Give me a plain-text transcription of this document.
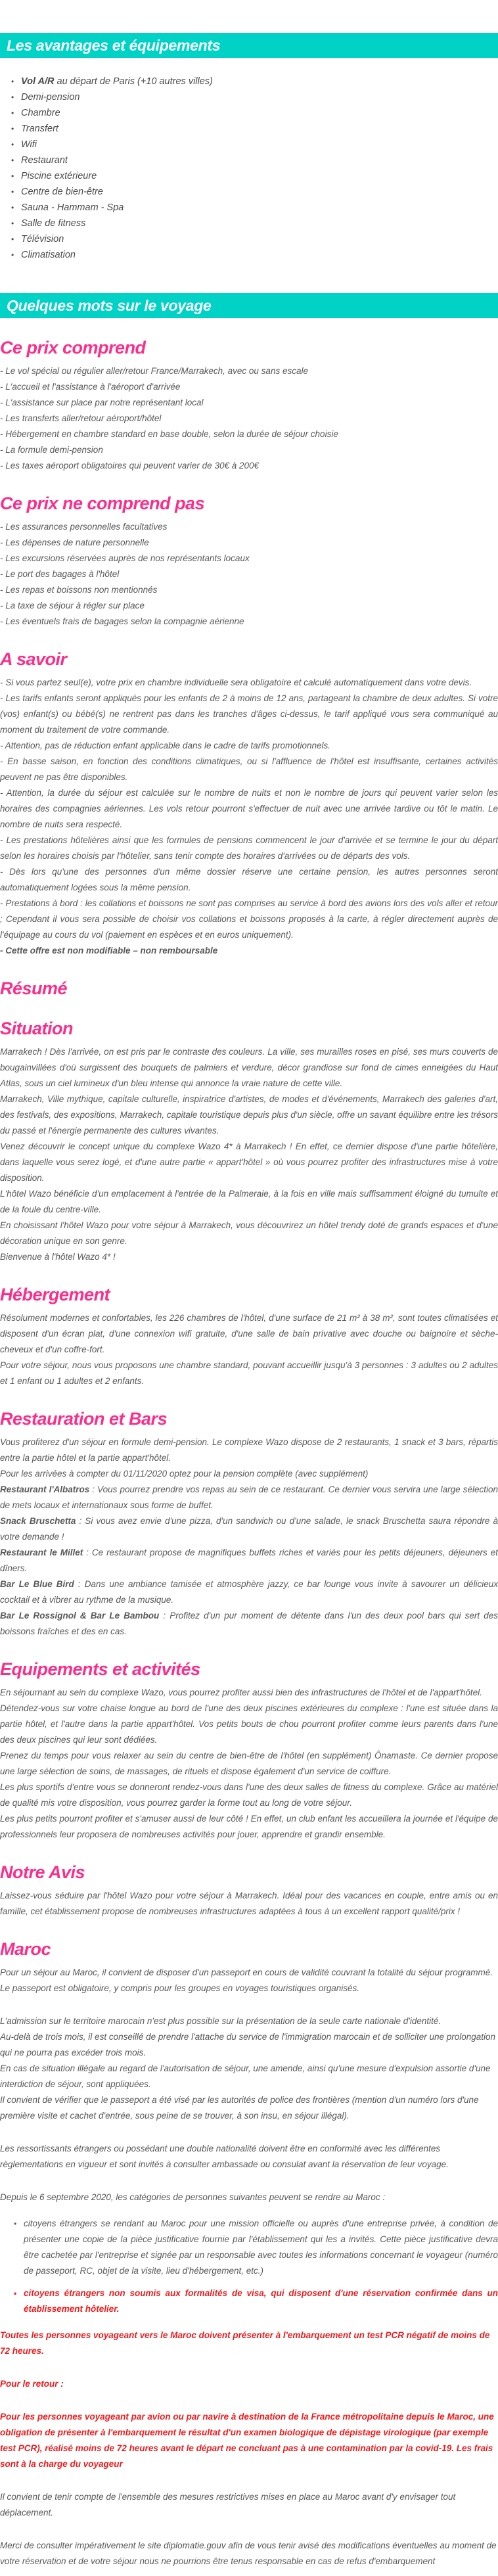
Les avantages et équipements
• Vol A/R au départ de Paris (+10 autres villes)
• Demi-pension
• Chambre
• Transfert
• Wifi
• Restaurant
• Piscine extérieure
• Centre de bien-être
• Sauna - Hammam - Spa
• Salle de fitness
• Télévision
• Climatisation
Quelques mots sur le voyage
Ce prix comprend

- Le vol spécial ou régulier aller/retour France/Marrakech, avec ou sans escale

- L'accueil et l'assistance à l'aéroport d'arrivée

- L'assistance sur place par notre représentant local

- Les transferts aller/retour aéroport/hôtel

- Hébergement en chambre standard en base double, selon la durée de séjour choisie

- La formule demi-pension

- Les taxes aéroport obligatoires qui peuvent varier de 30€ à 200€

Ce prix ne comprend pas

- Les assurances personnelles facultatives

- Les dépenses de nature personnelle

- Les excursions réservées auprès de nos représentants locaux

- Le port des bagages à l'hôtel

- Les repas et boissons non mentionnés

- La taxe de séjour à régler sur place

- Les éventuels frais de bagages selon la compagnie aérienne

A savoir

- Si vous partez seul(e), votre prix en chambre individuelle sera obligatoire et calculé automatiquement dans votre devis.

- Les tarifs enfants seront appliqués pour les enfants de 2 à moins de 12 ans, partageant la chambre de deux adultes. Si votre (vos) enfant(s) ou bébé(s) ne rentrent pas dans les tranches d'âges ci-dessus, le tarif appliqué vous sera communiqué au moment du traitement de votre commande.

- Attention, pas de réduction enfant applicable dans le cadre de tarifs promotionnels.

- En basse saison, en fonction des conditions climatiques, ou si l'affluence de l'hôtel est insuffisante, certaines activités peuvent ne pas être disponibles.

- Attention, la durée du séjour est calculée sur le nombre de nuits et non le nombre de jours qui peuvent varier selon les horaires des compagnies aériennes. Les vols retour pourront s'effectuer de nuit avec une arrivée tardive ou tôt le matin. Le nombre de nuits sera respecté.

- Les prestations hôtelières ainsi que les formules de pensions commencent le jour d'arrivée et se termine le jour du départ selon les horaires choisis par l'hôtelier, sans tenir compte des horaires d'arrivées ou de départs des vols.

- Dès lors qu'une des personnes d'un même dossier réserve une certaine pension, les autres personnes seront automatiquement logées sous la même pension.

- Prestations à bord : les collations et boissons ne sont pas comprises au service à bord des avions lors des vols aller et retour ; Cependant il vous sera possible de choisir vos collations et boissons proposés à la carte, à régler directement auprès de l'équipage au cours du vol (paiement en espèces et en euros uniquement).

- Cette offre est non modifiable – non remboursable

Résumé
Situation

Marrakech ! Dès l'arrivée, on est pris par le contraste des couleurs. La ville, ses murailles roses en pisé, ses murs couverts de bougainvillées d'où surgissent des bouquets de palmiers et verdure, décor grandiose sur fond de cimes enneigées du Haut Atlas, sous un ciel lumineux d'un bleu intense qui annonce la vraie nature de cette ville.

Marrakech, Ville mythique, capitale culturelle, inspiratrice d'artistes, de modes et d'événements, Marrakech des galeries d'art, des festivals, des expositions, Marrakech, capitale touristique depuis plus d'un siècle, offre un savant équilibre entre les trésors du passé et l'énergie permanente des cultures vivantes.

Venez découvrir le concept unique du complexe Wazo 4* à Marrakech ! En effet, ce dernier dispose d'une partie hôtelière, dans laquelle vous serez logé, et d'une autre partie « appart'hôtel » où vous pourrez profiter des infrastructures mise à votre disposition.

L'hôtel Wazo bénéficie d'un emplacement à l'entrée de la Palmeraie, à la fois en ville mais suffisamment éloigné du tumulte et de la foule du centre-ville.

En choisissant l'hôtel Wazo pour votre séjour à Marrakech, vous découvrirez un hôtel trendy doté de grands espaces et d'une décoration unique en son genre.

Bienvenue à l'hôtel Wazo 4* !

Hébergement

Résolument modernes et confortables, les 226 chambres de l'hôtel, d'une surface de 21 m² à 38 m², sont toutes climatisées et disposent d'un écran plat, d'une connexion wifi gratuite, d'une salle de bain privative avec douche ou baignoire et sèche-cheveux et d'un coffre-fort.

Pour votre séjour, nous vous proposons une chambre standard, pouvant accueillir jusqu'à 3 personnes : 3 adultes ou 2 adultes et 1 enfant ou 1 adultes et 2 enfants.

Restauration et Bars

Vous profiterez d'un séjour en formule demi-pension. Le complexe Wazo dispose de 2 restaurants, 1 snack et 3 bars, répartis entre la partie hôtel et la partie appart'hôtel.

Pour les arrivées à compter du 01/11/2020 optez pour la pension complète (avec supplément)

Restaurant l'Albatros : Vous pourrez prendre vos repas au sein de ce restaurant. Ce dernier vous servira une large sélection de mets locaux et internationaux sous forme de buffet.

Snack Bruschetta : Si vous avez envie d'une pizza, d'un sandwich ou d'une salade, le snack Bruschetta saura répondre à votre demande !

Restaurant le Millet : Ce restaurant propose de magnifiques buffets riches et variés pour les petits déjeuners, déjeuners et dîners.

Bar Le Blue Bird : Dans une ambiance tamisée et atmosphère jazzy, ce bar lounge vous invite à savourer un délicieux cocktail et à vibrer au rythme de la musique.

Bar Le Rossignol & Bar Le Bambou : Profitez d'un pur moment de détente dans l'un des deux pool bars qui sert des boissons fraîches et des en cas.

Equipements et activités

En séjournant au sein du complexe Wazo, vous pourrez profiter aussi bien des infrastructures de l'hôtel et de l'appart'hôtel.

Détendez-vous sur votre chaise longue au bord de l'une des deux piscines extérieures du complexe : l'une est située dans la partie hôtel, et l'autre dans la partie appart'hôtel. Vos petits bouts de chou pourront profiter comme leurs parents dans l'une des deux piscines qui leur sont dédiées.

Prenez du temps pour vous relaxer au sein du centre de bien-être de l'hôtel (en supplément) Ônamaste. Ce dernier propose une large sélection de soins, de massages, de rituels et dispose également d'un service de coiffure.

Les plus sportifs d'entre vous se donneront rendez-vous dans l'une des deux salles de fitness du complexe. Grâce au matériel de qualité mis votre disposition, vous pourrez garder la forme tout au long de votre séjour.

Les plus petits pourront profiter et s'amuser aussi de leur côté ! En effet, un club enfant les accueillera la journée et l'équipe de professionnels leur proposera de nombreuses activités pour jouer, apprendre et grandir ensemble.

Notre Avis

Laissez-vous séduire par l'hôtel Wazo pour votre séjour à Marrakech. Idéal pour des vacances en couple, entre amis ou en famille, cet établissement propose de nombreuses infrastructures adaptées à tous à un excellent rapport qualité/prix !

Maroc

Pour un séjour au Maroc, il convient de disposer d'un passeport en cours de validité couvrant la totalité du séjour programmé.

Le passeport est obligatoire, y compris pour les groupes en voyages touristiques organisés.

L'admission sur le territoire marocain n'est plus possible sur la présentation de la seule carte nationale d'identité.

Au-delà de trois mois, il est conseillé de prendre l'attache du service de l'immigration marocain et de solliciter une prolongation qui ne pourra pas excéder trois mois.

En cas de situation illégale au regard de l'autorisation de séjour, une amende, ainsi qu'une mesure d'expulsion assortie d'une interdiction de séjour, sont appliquées.

Il convient de vérifier que le passeport a été visé par les autorités de police des frontières (mention d'un numéro lors d'une première visite et cachet d'entrée, sous peine de se trouver, à son insu, en séjour illégal).

Les ressortissants étrangers ou possédant une double nationalité doivent être en conformité avec les différentes règlementations en vigueur et sont invités à consulter ambassade ou consulat avant la réservation de leur voyage.

Depuis le 6 septembre 2020, les catégories de personnes suivantes peuvent se rendre au Maroc :

• citoyens étrangers se rendant au Maroc pour une mission officielle ou auprès d'une entreprise privée, à condition de présenter une copie de la pièce justificative fournie par l'établissement qui les a invités. Cette pièce justificative devra être cachetée par l'entreprise et signée par un responsable avec toutes les informations concernant le voyageur (numéro de passeport, RC, objet de la visite, lieu d'hébergement, etc.)
• citoyens étrangers non soumis aux formalités de visa, qui disposent d'une réservation confirmée dans un établissement hôtelier.

Toutes les personnes voyageant vers le Maroc doivent présenter à l'embarquement un test PCR négatif de moins de 72 heures.

Pour le retour :

Pour les personnes voyageant par avion ou par navire à destination de la France métropolitaine depuis le Maroc, une obligation de présenter à l'embarquement le résultat d'un examen biologique de dépistage virologique (par exemple test PCR), réalisé moins de 72 heures avant le départ ne concluant pas à une contamination par la covid-19. Les frais sont à la charge du voyageur

Il convient de tenir compte de l'ensemble des mesures restrictives mises en place au Maroc avant d'y envisager tout déplacement.

Merci de consulter impérativement le site diplomatie.gouv afin de vous tenir avisé des modifications éventuelles au moment de votre réservation et de votre séjour nous ne pourrions être tenus responsable en cas de refus d'embarquement
